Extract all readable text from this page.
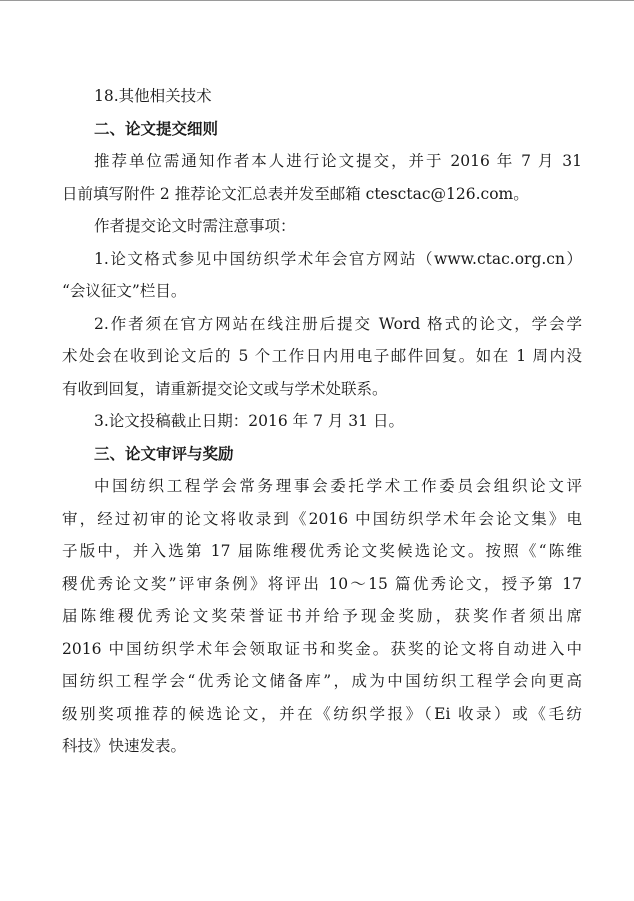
18.其他相关技术
二、论文提交细则
推荐单位需通知作者本人进行论文提交，并于 2016 年 7 月 31
日前填写附件 2 推荐论文汇总表并发至邮箱 ctesctac@126.com。
作者提交论文时需注意事项：
1.论文格式参见中国纺织学术年会官方网站（www.ctac.org.cn）
“会议征文”栏目。
2.作者须在官方网站在线注册后提交 Word 格式的论文，学会学
术处会在收到论文后的 5 个工作日内用电子邮件回复。如在 1 周内没
有收到回复，请重新提交论文或与学术处联系。
3.论文投稿截止日期：2016 年 7 月 31 日。
三、论文审评与奖励
中国纺织工程学会常务理事会委托学术工作委员会组织论文评
审，经过初审的论文将收录到《2016 中国纺织学术年会论文集》电
子版中，并入选第 17 届陈维稷优秀论文奖候选论文。按照《“陈维
稷优秀论文奖”评审条例》将评出 10～15 篇优秀论文，授予第 17
届陈维稷优秀论文奖荣誉证书并给予现金奖励，获奖作者须出席
2016 中国纺织学术年会领取证书和奖金。获奖的论文将自动进入中
国纺织工程学会“优秀论文储备库”，成为中国纺织工程学会向更高
级别奖项推荐的候选论文，并在《纺织学报》（Ei 收录）或《毛纺
科技》快速发表。
